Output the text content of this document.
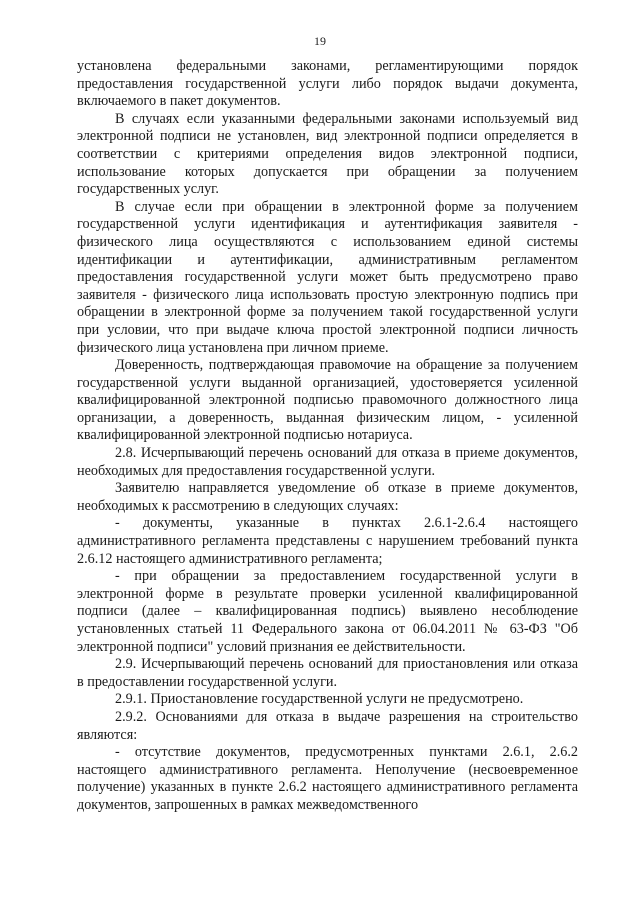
19

установлена федеральными законами, регламентирующими порядок предоставления государственной услуги либо порядок выдачи документа, включаемого в пакет документов.

В случаях если указанными федеральными законами используемый вид электронной подписи не установлен, вид электронной подписи определяется в соответствии с критериями определения видов электронной подписи, использование которых допускается при обращении за получением государственных услуг.

В случае если при обращении в электронной форме за получением государственной услуги идентификация и аутентификация заявителя - физического лица осуществляются с использованием единой системы идентификации и аутентификации, административным регламентом предоставления государственной услуги может быть предусмотрено право заявителя - физического лица использовать простую электронную подпись при обращении в электронной форме за получением такой государственной услуги при условии, что при выдаче ключа простой электронной подписи личность физического лица установлена при личном приеме.

Доверенность, подтверждающая правомочие на обращение за получением государственной услуги выданной организацией, удостоверяется усиленной квалифицированной электронной подписью правомочного должностного лица организации, а доверенность, выданная физическим лицом, - усиленной квалифицированной электронной подписью нотариуса.

2.8. Исчерпывающий перечень оснований для отказа в приеме документов, необходимых для предоставления государственной услуги.

Заявителю направляется уведомление об отказе в приеме документов, необходимых к рассмотрению в следующих случаях:

- документы, указанные в пунктах 2.6.1-2.6.4 настоящего административного регламента представлены с нарушением требований пункта 2.6.12 настоящего административного регламента;

- при обращении за предоставлением государственной услуги в электронной форме в результате проверки усиленной квалифицированной подписи (далее – квалифицированная подпись) выявлено несоблюдение установленных статьей 11 Федерального закона от 06.04.2011 № 63-ФЗ "Об электронной подписи" условий признания ее действительности.

2.9. Исчерпывающий перечень оснований для приостановления или отказа в предоставлении государственной услуги.

2.9.1. Приостановление государственной услуги не предусмотрено.

2.9.2. Основаниями для отказа в выдаче разрешения на строительство являются:

- отсутствие документов, предусмотренных пунктами 2.6.1, 2.6.2 настоящего административного регламента. Неполучение (несвоевременное получение) указанных в пункте 2.6.2 настоящего административного регламента документов, запрошенных в рамках межведомственного
